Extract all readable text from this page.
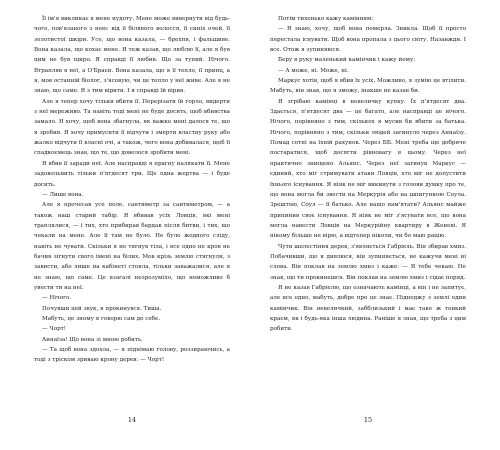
Її ім'я викликає в мене нудоту. Мене може вивернути від будь-чого, пов'язаного з нею: від її білявого волосся, її синіх очей, її золотистої шкіри. Усе, що вона казала, — брехня, і фальшиве. Вона казала, що кохає мене. Я теж казав, що люблю її, але я був цим не був щиро. Я справді її любив. Що за тупий. Нічого. Втрапляв в неї, а О'Браєн. Вона казала, що я її тепло, її принц, а я, мов останній біолог, з'ясовую, чи це тепло у неї живе. Але я не знаю, що саме. Я з тим вірити. І я справді їй вірив.

Але я тепер хочу тільки вбити її. Перерізати їй горло, видерти з неї мереживо. Та навіть тоді мені не буде досить, щоб вбивства замало. Я хочу, щоб вона збагнула, як важко мені далося те, що я зробив. Я хочу примусити її відчути і змерти властну руку або жалко відчути її власні очі, а також, чого вона добивалася, щоб її спадкоємець знав, що те, що довелося зробити мені.

Я вбив її заради неї. Але насправді я прагну налякати її. Мене задовольнить тільки п'ятдесят три. Ще одна жертва — і буде досить.

— Лише вона.

Але я прочесав усе поле, сантиметр за сантиметром, — а також наш старий табір. Я вбивав усіх Ловців, які мені траплялися, — і тих, хто прибирав бардак після битви, і тих, що чекали на мене. Але її там не було. Не було жодного сліду, навіть не чувати. Скільки я не тягнув тіла, і все одно не кров не бачив зігнути свого імені на білих. Мов крізь землю стягнули, з зависти, або лише на кабінеті стояла, тільки заважалися, але я не знаю, що саме. Це взагалі незрозуміло, що неможливо б увести ти на неї.

— Нічого.

Почувши цей звук, я прокинувся. Тиша.

Мабуть, це зному я говорю сам до себе.

— Чорт!

Аннаїза! Що вона зі мною робить.

— Та щоб вона здохла, — я піднімаю голову, роззираючись, а тоді з тріском зриваю крону дерев: — Чорт!

14

Потім тихенько кажу камінням:

— Я знаю, хочу, щоб вона померла. Зникла. Щоб її просто перестала існувати. Щоб вона пропала з цього світу. Назавжди. І все. Отож я зупиняюся.

Беру в руку маленький камінчик і кажу йому:

— А може, ні. Може, ні.

Маркус хотів, щоб я вбив їх усіх. Можливо, я зумію це втілити. Мабуть, він знав, що я зможу, інакше не казав би.

Я згрібаю камінці в невеличку купку. Їх п'ятдесят два. Здається, п'ятдесят два — це багато, але насправді це нічого. Нічого, порівняно з тим, скількох я мусив би вбити за батька. Нічого, порівняно з тим, скільки людей загинуло через Аннаїзу. Помад сотні на їхній рахунок. Через ББ. Мені треба ще добряче постаратися, щоб досягти рівновагу в цьому. Через неї практично знищено Альянс. Через неї загинув Маркус — єдиний, хто міг стримувати атаки Ловців, хто міг не допустити їхнього існування. Я ніяк не міг викинути з голови думку про те, що вона могла би звести на Меркурія або на шпигункою Соула. Зрештою, Соул — її батько. Але нащо пам'ятати? Альянс майже припинив своє існування. Я ніяк не міг з'ясувати все, що вона могла навести Ловців на Меркурійну квартиру в Женеві. Я нікому більше не вірю, а відтепер ніколи, чи бо маю рацію.

Чути шелестіння дерев, з'являється Габріель. Він збирав хмиз. Побачивши, що я дивлюся, він зупиняється, не кажучи мені ні слова. Він поклав на землю хмиз і каже: — Я тебе чекаю. Не знав, що ти прокинешся. Він поклав на землю хмиз і сідає поряд.

Я не казав Габріелю, що означають камінці, а він і не запитує, але все одно, мабуть, добре про це знає. Підноджу з землі один камінчик. Він невеличкий, забблизький і має таке ж тонкий краєм, як і будь-яка інша людина. Раніше я знав, що треба з цим робити.

15
